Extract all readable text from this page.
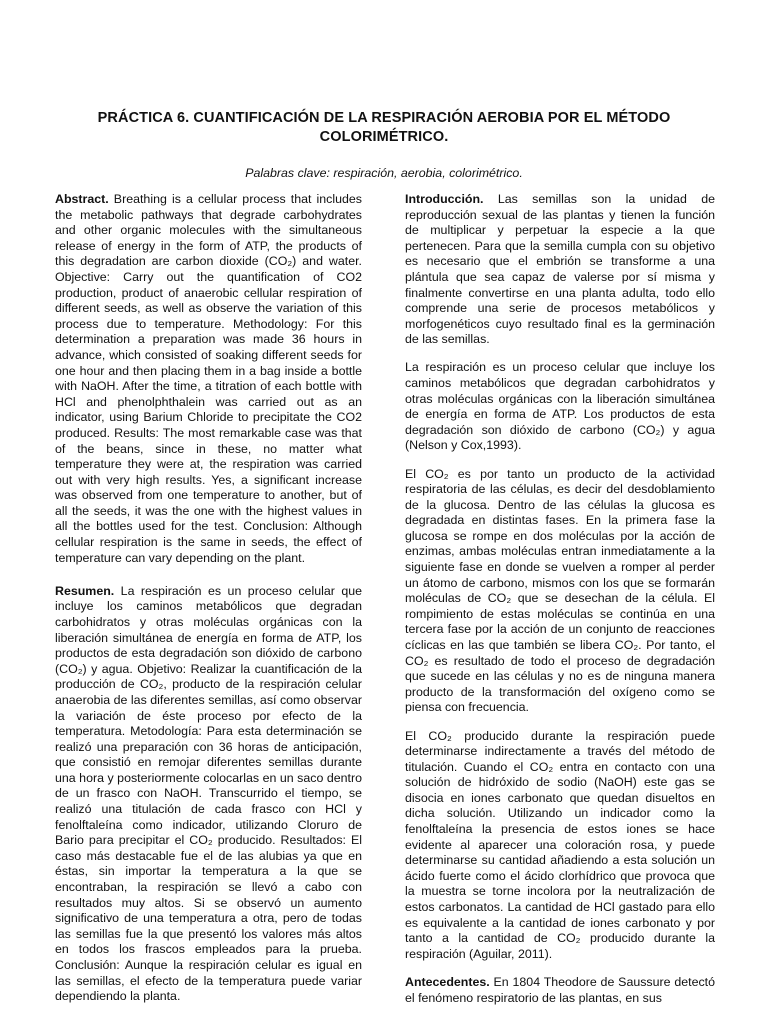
PRÁCTICA 6. CUANTIFICACIÓN DE LA RESPIRACIÓN AEROBIA POR EL MÉTODO COLORIMÉTRICO.
Palabras clave: respiración, aerobia, colorimétrico.

Abstract. Breathing is a cellular process that includes the metabolic pathways that degrade carbohydrates and other organic molecules with the simultaneous release of energy in the form of ATP, the products of this degradation are carbon dioxide (CO₂) and water. Objective: Carry out the quantification of CO2 production, product of anaerobic cellular respiration of different seeds, as well as observe the variation of this process due to temperature. Methodology: For this determination a preparation was made 36 hours in advance, which consisted of soaking different seeds for one hour and then placing them in a bag inside a bottle with NaOH. After the time, a titration of each bottle with HCl and phenolphthalein was carried out as an indicator, using Barium Chloride to precipitate the CO2 produced. Results: The most remarkable case was that of the beans, since in these, no matter what temperature they were at, the respiration was carried out with very high results. Yes, a significant increase was observed from one temperature to another, but of all the seeds, it was the one with the highest values in all the bottles used for the test. Conclusion: Although cellular respiration is the same in seeds, the effect of temperature can vary depending on the plant.

Resumen. La respiración es un proceso celular que incluye los caminos metabólicos que degradan carbohidratos y otras moléculas orgánicas con la liberación simultánea de energía en forma de ATP, los productos de esta degradación son dióxido de carbono (CO₂) y agua. Objetivo: Realizar la cuantificación de la producción de CO₂, producto de la respiración celular anaerobia de las diferentes semillas, así como observar la variación de éste proceso por efecto de la temperatura. Metodología: Para esta determinación se realizó una preparación con 36 horas de anticipación, que consistió en remojar diferentes semillas durante una hora y posteriormente colocarlas en un saco dentro de un frasco con NaOH. Transcurrido el tiempo, se realizó una titulación de cada frasco con HCl y fenolftaleína como indicador, utilizando Cloruro de Bario para precipitar el CO₂ producido. Resultados: El caso más destacable fue el de las alubias ya que en éstas, sin importar la temperatura a la que se encontraban, la respiración se llevó a cabo con resultados muy altos. Si se observó un aumento significativo de una temperatura a otra, pero de todas las semillas fue la que presentó los valores más altos en todos los frascos empleados para la prueba. Conclusión: Aunque la respiración celular es igual en las semillas, el efecto de la temperatura puede variar dependiendo la planta.

Introducción. Las semillas son la unidad de reproducción sexual de las plantas y tienen la función de multiplicar y perpetuar la especie a la que pertenecen. Para que la semilla cumpla con su objetivo es necesario que el embrión se transforme a una plántula que sea capaz de valerse por sí misma y finalmente convertirse en una planta adulta, todo ello comprende una serie de procesos metabólicos y morfogenéticos cuyo resultado final es la germinación de las semillas.

La respiración es un proceso celular que incluye los caminos metabólicos que degradan carbohidratos y otras moléculas orgánicas con la liberación simultánea de energía en forma de ATP. Los productos de esta degradación son dióxido de carbono (CO₂) y agua (Nelson y Cox,1993).

El CO₂ es por tanto un producto de la actividad respiratoria de las células, es decir del desdoblamiento de la glucosa. Dentro de las células la glucosa es degradada en distintas fases. En la primera fase la glucosa se rompe en dos moléculas por la acción de enzimas, ambas moléculas entran inmediatamente a la siguiente fase en donde se vuelven a romper al perder un átomo de carbono, mismos con los que se formarán moléculas de CO₂ que se desechan de la célula. El rompimiento de estas moléculas se continúa en una tercera fase por la acción de un conjunto de reacciones cíclicas en las que también se libera CO₂. Por tanto, el CO₂ es resultado de todo el proceso de degradación que sucede en las células y no es de ninguna manera producto de la transformación del oxígeno como se piensa con frecuencia.

El CO₂ producido durante la respiración puede determinarse indirectamente a través del método de titulación. Cuando el CO₂ entra en contacto con una solución de hidróxido de sodio (NaOH) este gas se disocia en iones carbonato que quedan disueltos en dicha solución. Utilizando un indicador como la fenolftaleína la presencia de estos iones se hace evidente al aparecer una coloración rosa, y puede determinarse su cantidad añadiendo a esta solución un ácido fuerte como el ácido clorhídrico que provoca que la muestra se torne incolora por la neutralización de estos carbonatos. La cantidad de HCl gastado para ello es equivalente a la cantidad de iones carbonato y por tanto a la cantidad de CO₂ producido durante la respiración (Aguilar, 2011).

Antecedentes. En 1804 Theodore de Saussure detectó el fenómeno respiratorio de las plantas, en sus
